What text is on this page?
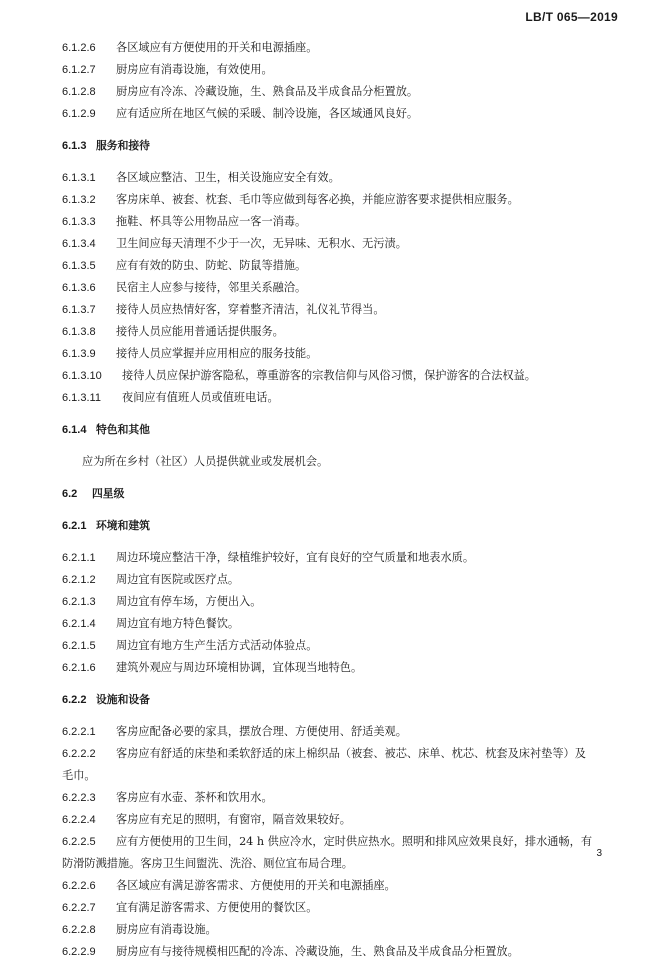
LB/T 065—2019
6.1.2.6 各区域应有方便使用的开关和电源插座。
6.1.2.7 厨房应有消毒设施，有效使用。
6.1.2.8 厨房应有冷冻、冷藏设施，生、熟食品及半成食品分柜置放。
6.1.2.9 应有适应所在地区气候的采暖、制冷设施，各区域通风良好。
6.1.3 服务和接待
6.1.3.1 各区域应整洁、卫生，相关设施应安全有效。
6.1.3.2 客房床单、被套、枕套、毛巾等应做到每客必换，并能应游客要求提供相应服务。
6.1.3.3 拖鞋、杯具等公用物品应一客一消毒。
6.1.3.4 卫生间应每天清理不少于一次，无异味、无积水、无污渍。
6.1.3.5 应有有效的防虫、防蛇、防鼠等措施。
6.1.3.6 民宿主人应参与接待，邻里关系融洽。
6.1.3.7 接待人员应热情好客，穿着整齐清洁，礼仪礼节得当。
6.1.3.8 接待人员应能用普通话提供服务。
6.1.3.9 接待人员应掌握并应用相应的服务技能。
6.1.3.10 接待人员应保护游客隐私，尊重游客的宗教信仰与风俗习惯，保护游客的合法权益。
6.1.3.11 夜间应有值班人员或值班电话。
6.1.4 特色和其他
应为所在乡村（社区）人员提供就业或发展机会。
6.2 四星级
6.2.1 环境和建筑
6.2.1.1 周边环境应整洁干净，绿植维护较好，宜有良好的空气质量和地表水质。
6.2.1.2 周边宜有医院或医疗点。
6.2.1.3 周边宜有停车场，方便出入。
6.2.1.4 周边宜有地方特色餐饮。
6.2.1.5 周边宜有地方生产生活方式活动体验点。
6.2.1.6 建筑外观应与周边环境相协调，宜体现当地特色。
6.2.2 设施和设备
6.2.2.1 客房应配备必要的家具，摆放合理、方便使用、舒适美观。
6.2.2.2	客房应有舒适的床垫和柔软舒适的床上棉织品（被套、被芯、床单、枕芯、枕套及床衬垫等）及
毛巾。
6.2.2.3 客房应有水壶、茶杯和饮用水。
6.2.2.4 客房应有充足的照明，有窗帘，隔音效果较好。
6.2.2.5	应有方便使用的卫生间，24 h 供应冷水，定时供应热水。照明和排风应效果良好，排水通畅，有
防滑防溅措施。客房卫生间盥洗、洗浴、厕位宜布局合理。
6.2.2.6 各区域应有满足游客需求、方便使用的开关和电源插座。
6.2.2.7 宜有满足游客需求、方便使用的餐饮区。
6.2.2.8 厨房应有消毒设施。
6.2.2.9 厨房应有与接待规模相匹配的冷冻、冷藏设施，生、熟食品及半成食品分柜置放。
3
